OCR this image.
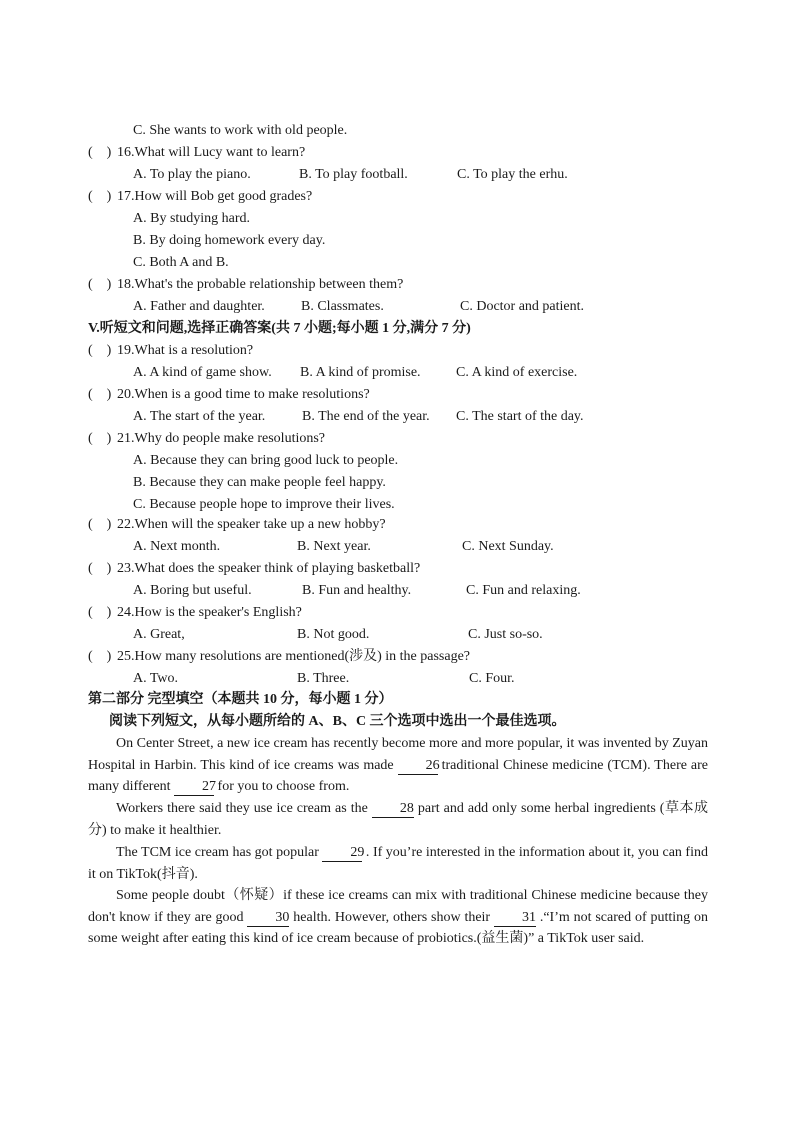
C. She wants to work with old people.
(    ) 16.What will Lucy want to learn?
A. To play the piano.	B. To play football.	C. To play the erhu.
(    ) 17.How will Bob get good grades?
A. By studying hard.
B. By doing homework every day.
C. Both A and B.
(    ) 18.What's the probable relationship between them?
A. Father and daughter.	B. Classmates.	C. Doctor and patient.
V.听短文和问题,选择正确答案(共 7 小题;每小题 1 分,满分 7 分)
(    ) 19.What is a resolution?
A. A kind of game show. B. A kind of promise.	C. A kind of exercise.
(    ) 20.When is a good time to make resolutions?
A. The start of the year.	B. The end of the year. C. The start of the day.
(    ) 21.Why do people make resolutions?
A. Because they can bring good luck to people.
B. Because they can make people feel happy.
C. Because people hope to improve their lives.
(    ) 22.When will the speaker take up a new hobby?
A. Next month.	B. Next year.	C. Next Sunday.
(    ) 23.What does the speaker think of playing basketball?
A. Boring but useful.	B. Fun and healthy.	C. Fun and relaxing.
(    ) 24.How is the speaker's English?
A. Great,	B. Not good.	C. Just so-so.
(    ) 25.How many resolutions are mentioned(涉及) in the passage?
A. Two.	B. Three.	C. Four.
第二部分 完型填空（本题共 10 分，每小题 1 分）
阅读下列短文，从每小题所给的 A、B、C 三个选项中选出一个最佳选项。
On Center Street, a new ice cream has recently become more and more popular, it was invented by Zuyan Hospital in Harbin. This kind of ice creams was made 26 traditional Chinese medicine (TCM). There are many different 27 for you to choose from.
Workers there said they use ice cream as the 28 part and add only some herbal ingredients (草本成分) to make it healthier.
The TCM ice cream has got popular 29 . If you’re interested in the information about it, you can find it on TikTok(抖音).
Some people doubt（怀疑）if these ice creams can mix with traditional Chinese medicine because they don't know if they are good 30 health. However, others show their 31 .“I’m not scared of putting on some weight after eating this kind of ice cream because of probiotics.(益生菌)” a TikTok user said.
